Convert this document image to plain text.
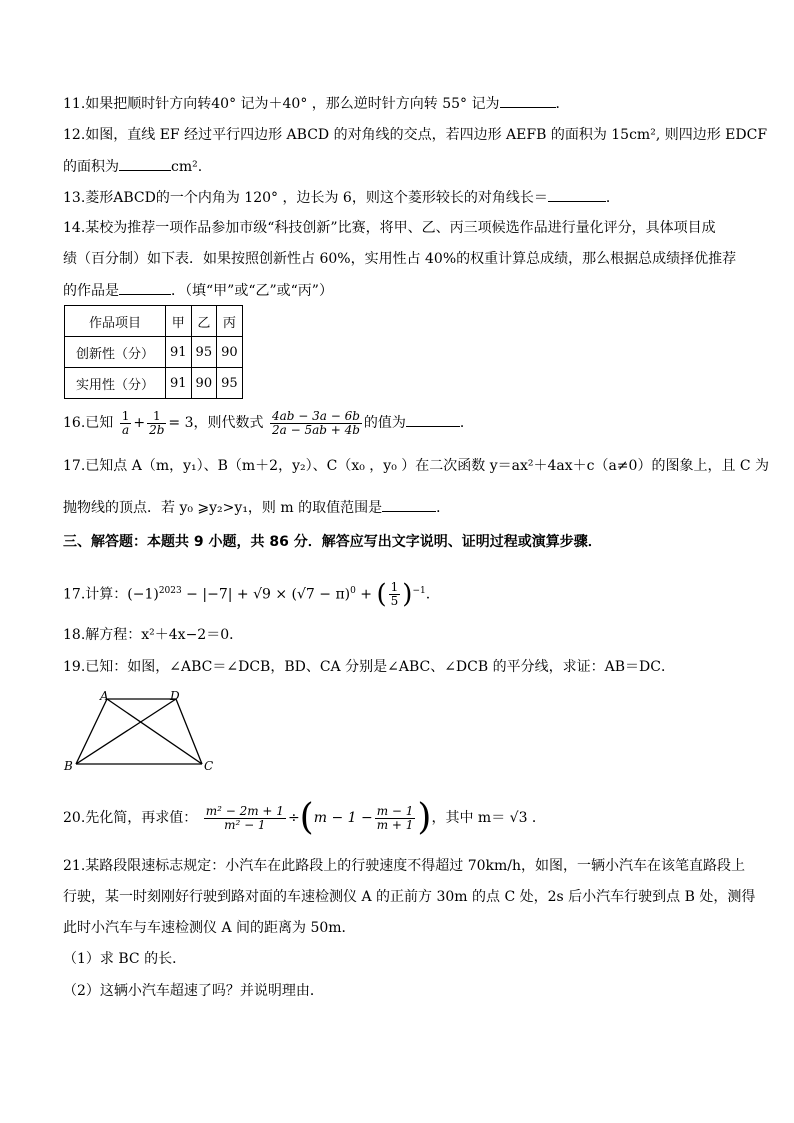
11.如果把顺时针方向转40° 记为＋40° ，那么逆时针方向转 55° 记为	．
12.如图，直线 EF 经过平行四边形 ABCD 的对角线的交点，若四边形 AEFB 的面积为 15cm², 则四边形 EDCF
的面积为	cm².
13.菱形ABCD的一个内角为 120° ，边长为 6，则这个菱形较长的对角线长＝	．
14.某校为推荐一项作品参加市级“科技创新”比赛，将甲、乙、丙三项候选作品进行量化评分，具体项目成
绩（百分制）如下表．如果按照创新性占 60%，实用性占 40%的权重计算总成绩，那么根据总成绩择优推荐
的作品是	．（填“甲”或“乙”或“丙”）
作品项目	甲	乙	丙
创新性（分）	91	95	90
实用性（分）	91	90	95
16.已知 $\frac{1}{a} + \frac{1}{2b} = 3$，则代数式 $\frac{4ab - 3a - 6b}{2a - 5ab + 4b}$ 的值为	．
17.已知点 A（m，y₁）、B（m＋2，y₂）、C（x₀ ，y₀ ）在二次函数 y＝ax²＋4ax＋c（a≠0）的图象上，且 C 为
抛物线的顶点．若 y₀ ⩾y₂>y₁，则 m 的取值范围是	．
三、解答题：本题共 9 小题，共 86 分．解答应写出文字说明、证明过程或演算步骤．
17.计算：$(-1)^{2023} - |-7| + √9 \times (√7 - \pi)^0$ + ( $\frac{1}{5} )^{-1}$.
18.解方程：x²＋4x−2＝0．
19.已知：如图，∠ABC＝∠DCB，BD、CA 分别是∠ABC、∠DCB 的平分线，求证：AB＝DC．
A	D
B	C
20.先化简，再求值： $\frac{\text{m² − 2m + 1}}{\text{m² − 1}} \div(m - 1 - \frac{m - 1}{m + 1}$ )，其中 m＝ √3 ．
21.某路段限速标志规定：小汽车在此路段上的行驶速度不得超过 70km/h，如图，一辆小汽车在该笔直路段上
行驶，某一时刻刚好行驶到路对面的车速检测仪 A 的正前方 30m 的点 C 处，2s 后小汽车行驶到点 B 处，测得
此时小汽车与车速检测仪 A 间的距离为 50m．
（1）求 BC 的长．
（2）这辆小汽车超速了吗？并说明理由．
